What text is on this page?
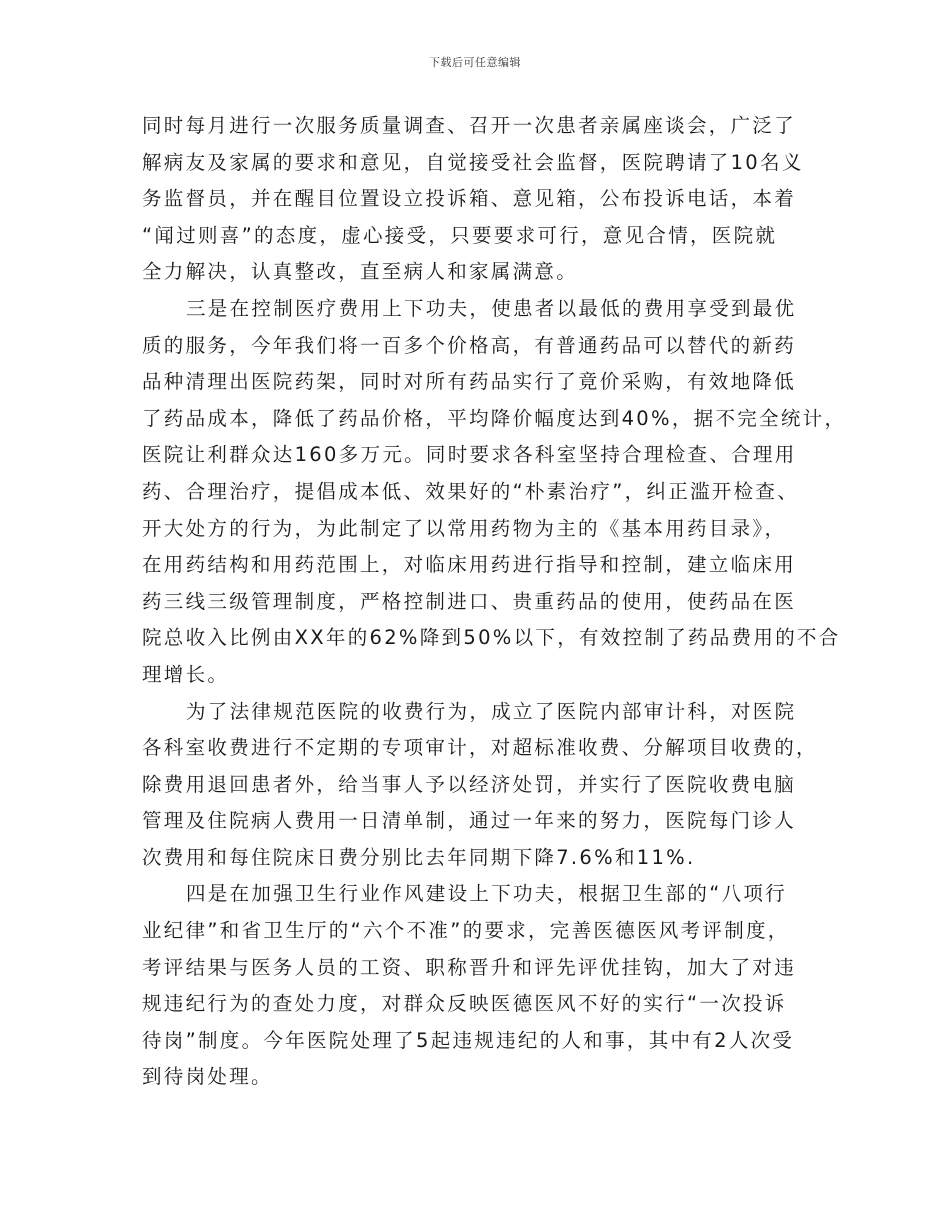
下载后可任意编辑
同时每月进行一次服务质量调查、召开一次患者亲属座谈会，广泛了
解病友及家属的要求和意见，自觉接受社会监督，医院聘请了10名义
务监督员，并在醒目位置设立投诉箱、意见箱，公布投诉电话，本着
“闻过则喜”的态度，虚心接受，只要要求可行，意见合情，医院就
全力解决，认真整改，直至病人和家属满意。
三是在控制医疗费用上下功夫，使患者以最低的费用享受到最优
质的服务，今年我们将一百多个价格高，有普通药品可以替代的新药
品种清理出医院药架，同时对所有药品实行了竟价采购，有效地降低
了药品成本，降低了药品价格，平均降价幅度达到40%，据不完全统计，
医院让利群众达160多万元。同时要求各科室坚持合理检查、合理用
药、合理治疗，提倡成本低、效果好的“朴素治疗”，纠正滥开检查、
开大处方的行为，为此制定了以常用药物为主的《基本用药目录》，
在用药结构和用药范围上，对临床用药进行指导和控制，建立临床用
药三线三级管理制度，严格控制进口、贵重药品的使用，使药品在医
院总收入比例由XX年的62%降到50%以下，有效控制了药品费用的不合
理增长。
为了法律规范医院的收费行为，成立了医院内部审计科，对医院
各科室收费进行不定期的专项审计，对超标准收费、分解项目收费的，
除费用退回患者外，给当事人予以经济处罚，并实行了医院收费电脑
管理及住院病人费用一日清单制，通过一年来的努力，医院每门诊人
次费用和每住院床日费分别比去年同期下降7.6%和11%.
四是在加强卫生行业作风建设上下功夫，根据卫生部的“八项行
业纪律”和省卫生厅的“六个不准”的要求，完善医德医风考评制度，
考评结果与医务人员的工资、职称晋升和评先评优挂钩，加大了对违
规违纪行为的查处力度，对群众反映医德医风不好的实行“一次投诉
待岗”制度。今年医院处理了5起违规违纪的人和事，其中有2人次受
到待岗处理。
